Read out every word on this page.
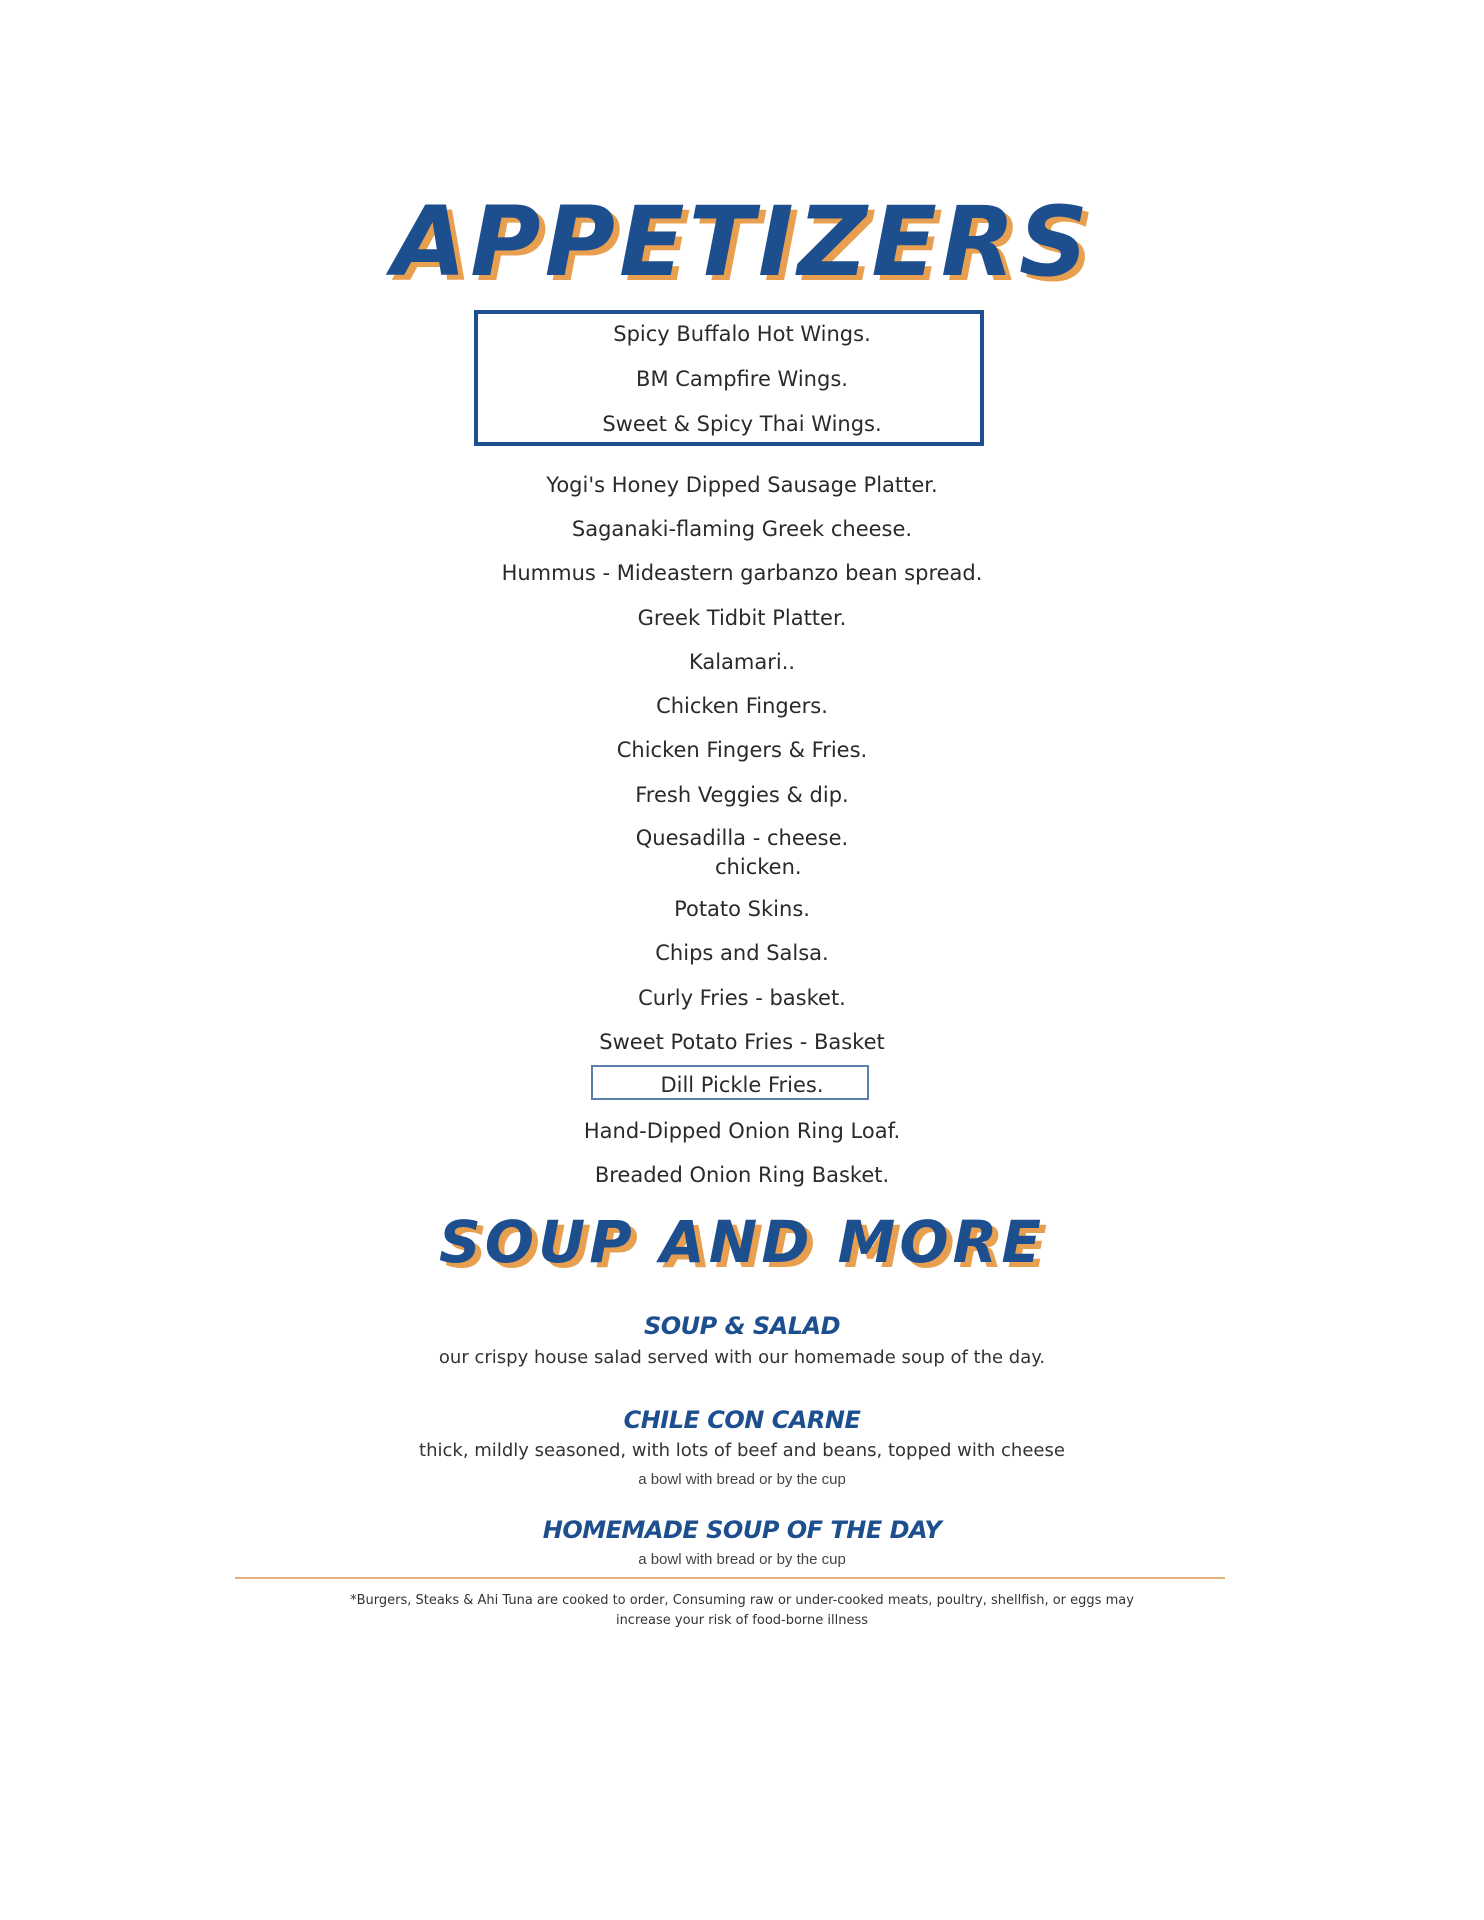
APPETIZERS

Spicy Buffalo Hot Wings.

BM Campfire Wings.

Sweet & Spicy Thai Wings.

Yogi's Honey Dipped Sausage Platter.

Saganaki-flaming Greek cheese.

Hummus - Mideastern garbanzo bean spread.

Greek Tidbit Platter.

Kalamari..

Chicken Fingers.

Chicken Fingers & Fries.

Fresh Veggies & dip.

Quesadilla - cheese.

chicken.

Potato Skins.

Chips and Salsa.

Curly Fries - basket.

Sweet Potato Fries - Basket

Dill Pickle Fries.

Hand-Dipped Onion Ring Loaf.

Breaded Onion Ring Basket.

SOUP AND MORE
SOUP & SALAD

our crispy house salad served with our homemade soup of the day.

CHILE CON CARNE

thick, mildly seasoned, with lots of beef and beans, topped with cheese

a bowl with bread or by the cup

HOMEMADE SOUP OF THE DAY

a bowl with bread or by the cup

*Burgers, Steaks & Ahi Tuna are cooked to order, Consuming raw or under-cooked meats, poultry, shellfish, or eggs may

increase your risk of food-borne illness
